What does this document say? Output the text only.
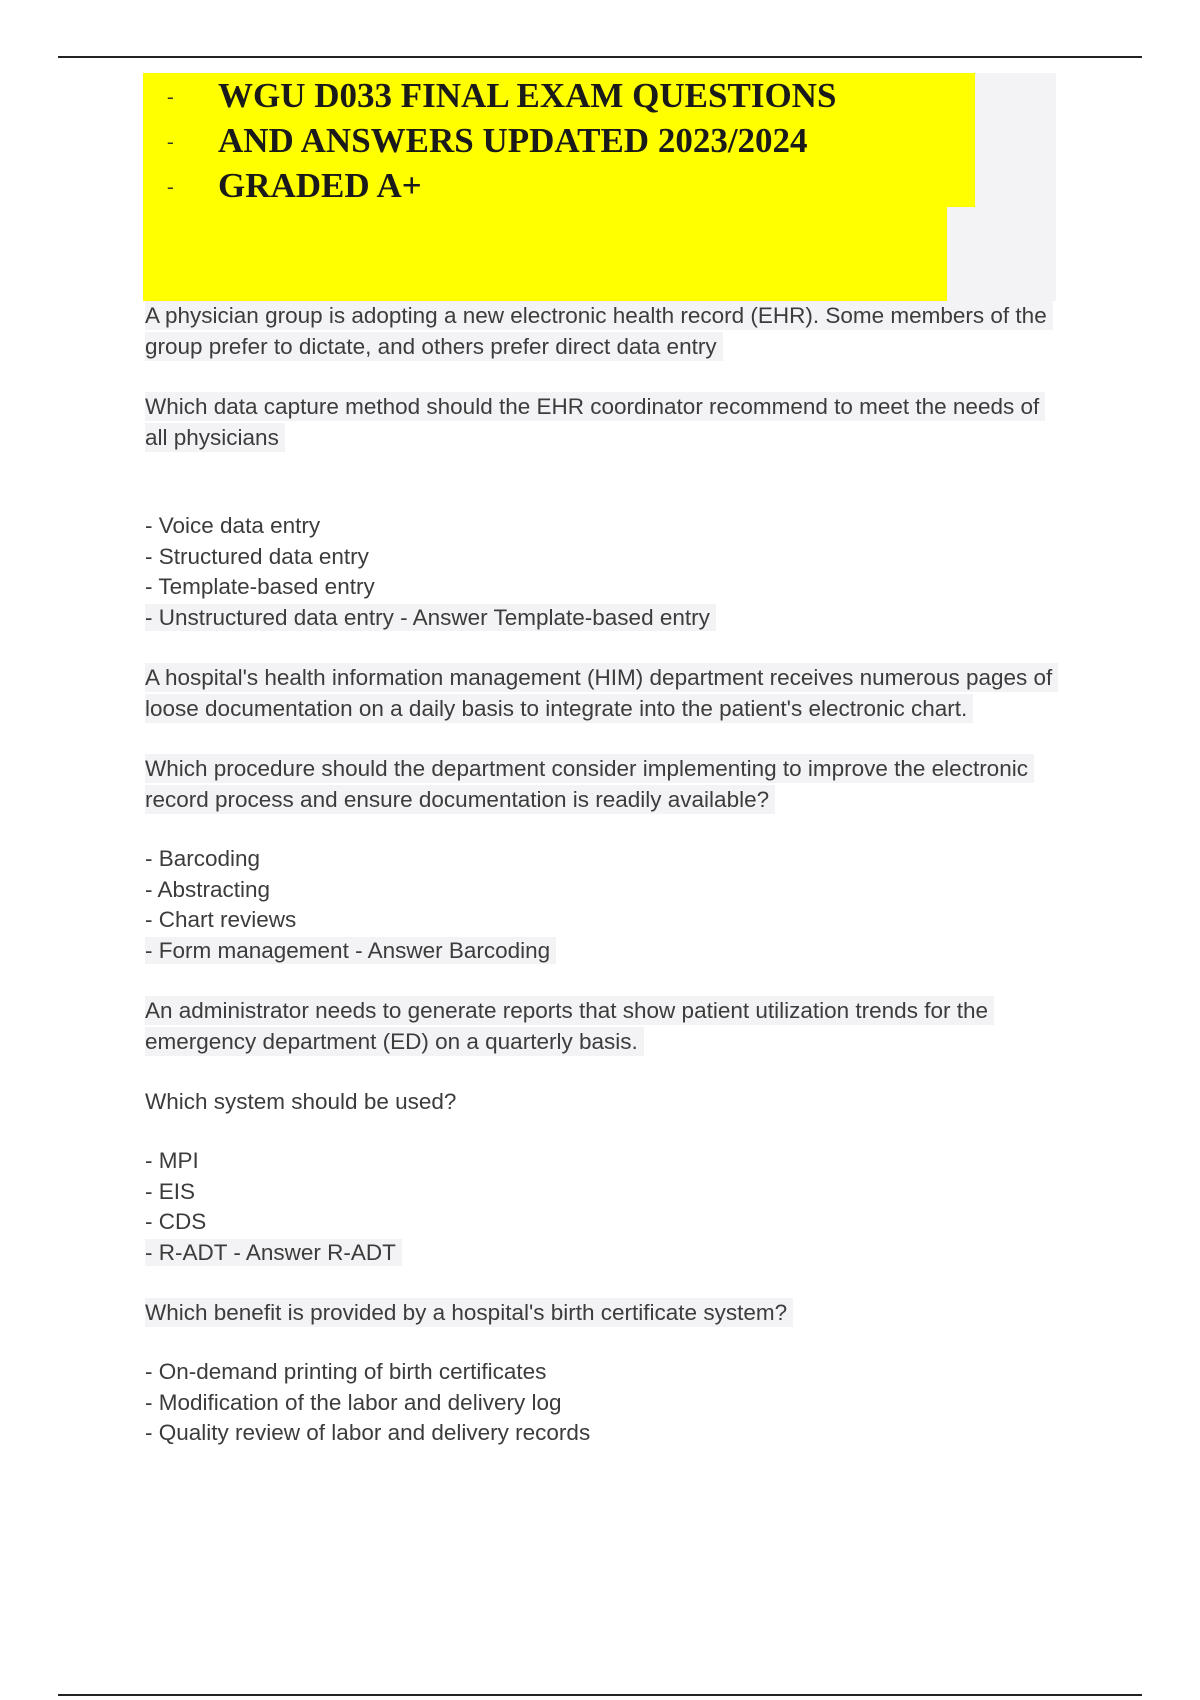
- WGU D033 FINAL EXAM QUESTIONS
- AND ANSWERS UPDATED 2023/2024
- GRADED A+

A physician group is adopting a new electronic health record (EHR). Some members of the group prefer to dictate, and others prefer direct data entry

Which data capture method should the EHR coordinator recommend to meet the needs of all physicians

- Voice data entry
- Structured data entry
- Template-based entry
- Unstructured data entry - Answer Template-based entry

A hospital's health information management (HIM) department receives numerous pages of loose documentation on a daily basis to integrate into the patient's electronic chart.

Which procedure should the department consider implementing to improve the electronic record process and ensure documentation is readily available?

- Barcoding
- Abstracting
- Chart reviews
- Form management - Answer Barcoding

An administrator needs to generate reports that show patient utilization trends for the emergency department (ED) on a quarterly basis.

Which system should be used?

- MPI
- EIS
- CDS
- R-ADT - Answer R-ADT

Which benefit is provided by a hospital's birth certificate system?

- On-demand printing of birth certificates
- Modification of the labor and delivery log
- Quality review of labor and delivery records
